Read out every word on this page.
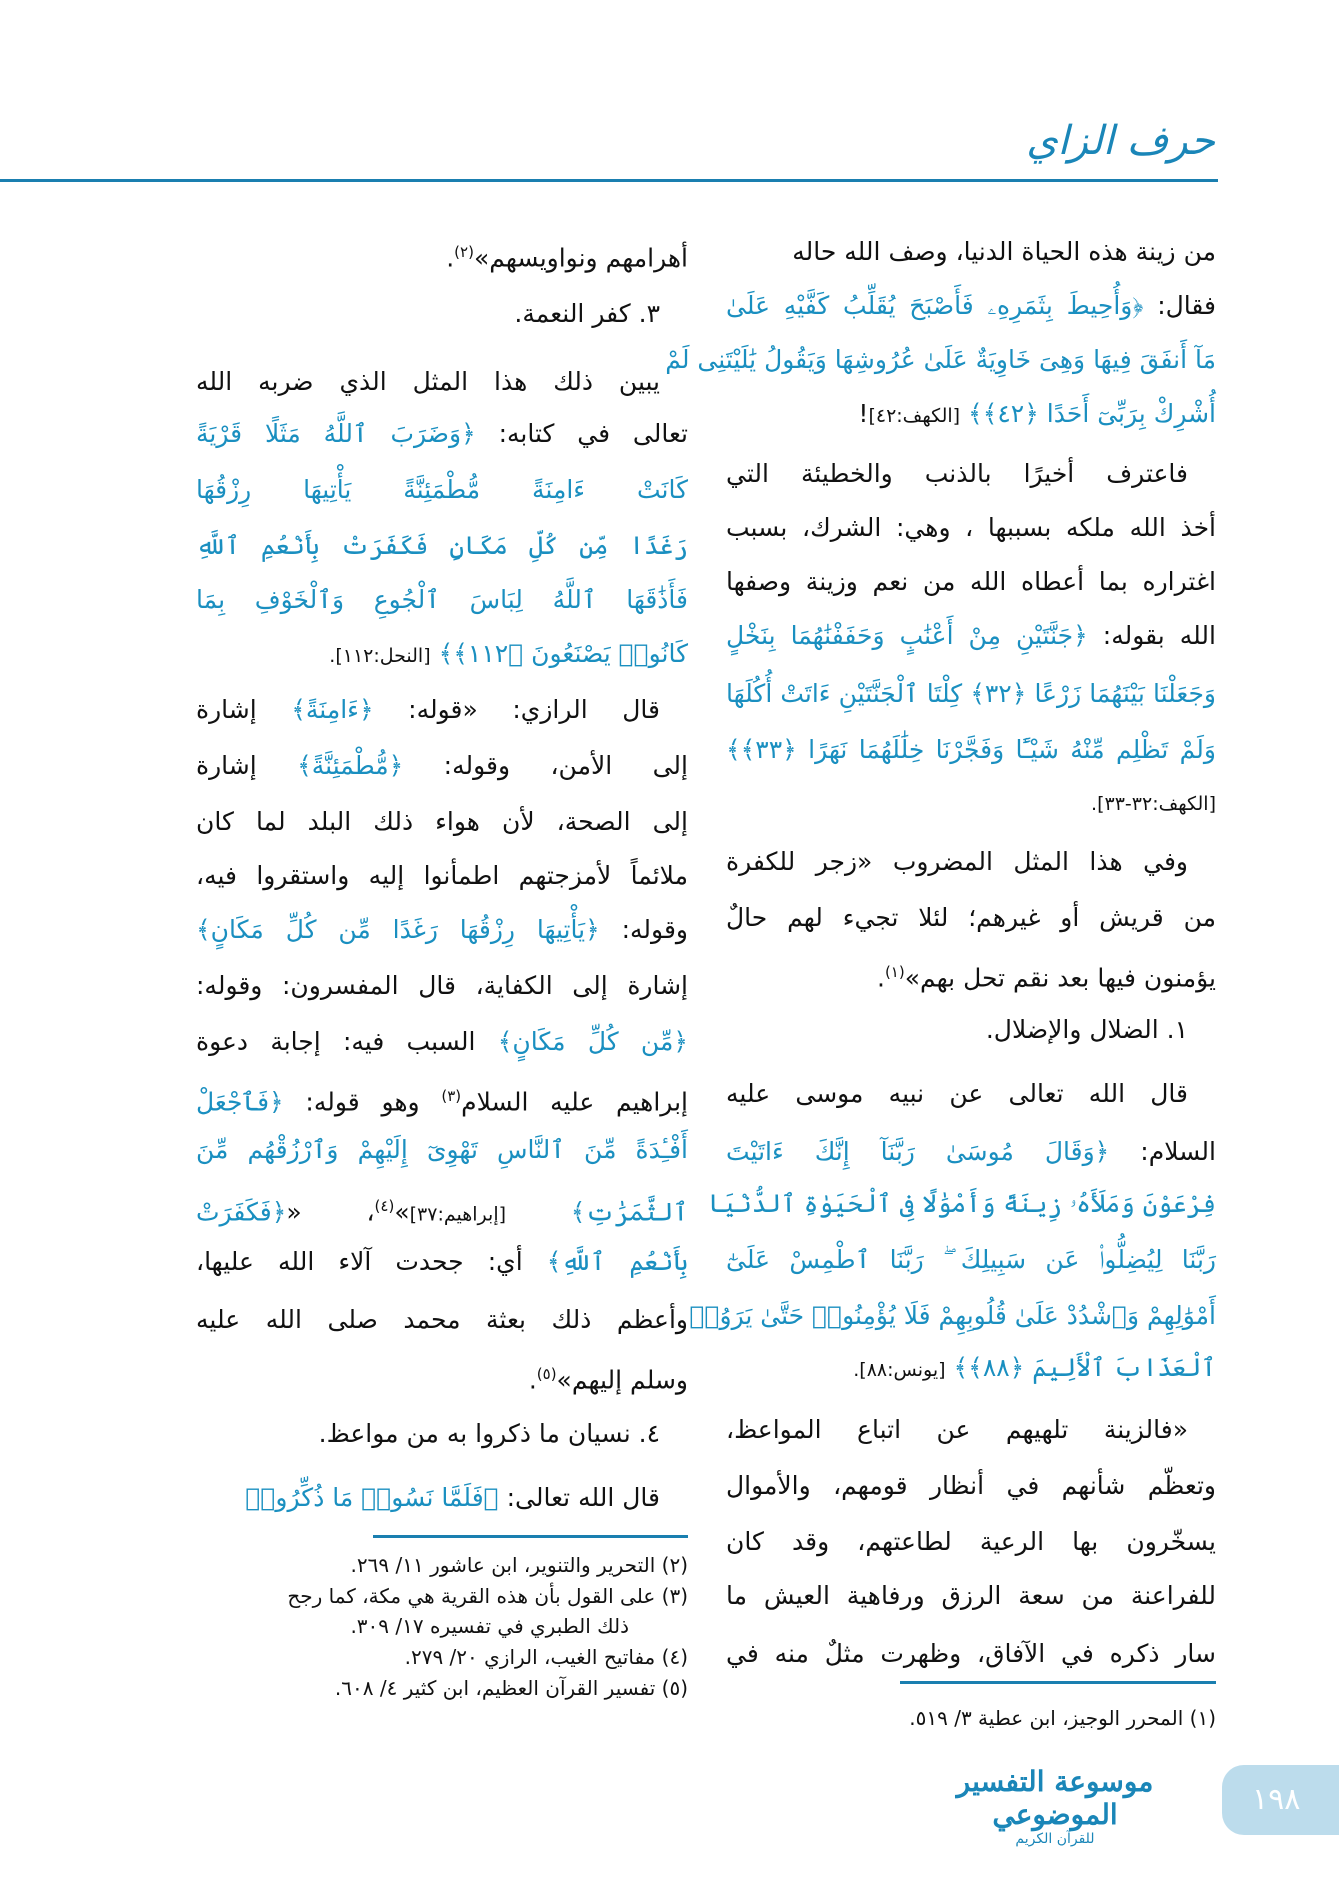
حرف الزاي
من زينة هذه الحياة الدنيا، وصف الله حاله
فقال: ﴿وَأُحِيطَ بِثَمَرِهِۦ فَأَصْبَحَ يُقَلِّبُ كَفَّيْهِ عَلَىٰ
مَآ أَنفَقَ فِيهَا وَهِىَ خَاوِيَةٌ عَلَىٰ عُرُوشِهَا وَيَقُولُ يَٰلَيْتَنِى لَمْ
أُشْرِكْ بِرَبِّىٓ أَحَدًا ﴿٤٢﴾﴾ [الكهف:٤٢]!
فاعترف أخيرًا بالذنب والخطيئة التي
أخذ الله ملكه بسببها ، وهي: الشرك، بسبب
اغتراره بما أعطاه الله من نعم وزينة وصفها
الله بقوله: ﴿جَنَّتَيْنِ مِنْ أَعْنَٰبٍ وَحَفَفْنَٰهُمَا بِنَخْلٍ
وَجَعَلْنَا بَيْنَهُمَا زَرْعًا ﴿٣٢﴾ كِلْتَا ٱلْجَنَّتَيْنِ ءَاتَتْ أُكُلَهَا
وَلَمْ تَظْلِم مِّنْهُ شَيْـًٔا وَفَجَّرْنَا خِلَٰلَهُمَا نَهَرًا ﴿٣٣﴾﴾
[الكهف:٣٢-٣٣].
وفي هذا المثل المضروب «زجر للكفرة
من قريش أو غيرهم؛ لئلا تجيء لهم حالٌ
يؤمنون فيها بعد نقم تحل بهم»$^{(١)}$.
١. الضلال والإضلال.
قال الله تعالى عن نبيه موسى عليه
السلام: ﴿وَقَالَ مُوسَىٰ رَبَّنَآ إِنَّكَ ءَاتَيْتَ
فِرْعَوْنَ وَمَلَأَهُۥ زِينَةً وَأَمْوَٰلًا فِى ٱلْحَيَوٰةِ ٱلدُّنْيَا
رَبَّنَا لِيُضِلُّوا۟ عَن سَبِيلِكَ ۖ رَبَّنَا ٱطْمِسْ عَلَىٰٓ
أَمْوَٰلِهِمْ وَٱشْدُدْ عَلَىٰ قُلُوبِهِمْ فَلَا يُؤْمِنُوا۟ حَتَّىٰ يَرَوُا۟
ٱلْعَذَابَ ٱلْأَلِيمَ ﴿٨٨﴾﴾ [يونس:٨٨].
«فالزينة تلهيهم عن اتباع المواعظ،
وتعظّم شأنهم في أنظار قومهم، والأموال
يسخّرون بها الرعية لطاعتهم، وقد كان
للفراعنة من سعة الرزق ورفاهية العيش ما
سار ذكره في الآفاق، وظهرت مثلٌ منه في
أهرامهم ونواويسهم»$^{(٢)}$.
٣. كفر النعمة.
يبين ذلك هذا المثل الذي ضربه الله
تعالى في كتابه: ﴿وَضَرَبَ ٱللَّهُ مَثَلًا قَرْيَةً
كَانَتْ ءَامِنَةً مُّطْمَئِنَّةً يَأْتِيهَا رِزْقُهَا
رَغَدًا مِّن كُلِّ مَكَانٍ فَكَفَرَتْ بِأَنْعُمِ ٱللَّهِ
فَأَذَٰقَهَا ٱللَّهُ لِبَاسَ ٱلْجُوعِ وَٱلْخَوْفِ بِمَا
كَانُوا۟ يَصْنَعُونَ ﴿١١٢﴾﴾ [النحل:١١٢].
قال الرازي: «قوله: ﴿ءَامِنَةً﴾ إشارة
إلى الأمن، وقوله: ﴿مُّطْمَئِنَّةً﴾ إشارة
إلى الصحة، لأن هواء ذلك البلد لما كان
ملائماً لأمزجتهم اطمأنوا إليه واستقروا فيه،
وقوله: ﴿يَأْتِيهَا رِزْقُهَا رَغَدًا مِّن كُلِّ مَكَانٍ﴾
إشارة إلى الكفاية، قال المفسرون: وقوله:
﴿مِّن كُلِّ مَكَانٍ﴾ السبب فيه: إجابة دعوة
إبراهيم عليه السلام$^{(٣)}$ وهو قوله: ﴿فَٱجْعَلْ
أَفْـِٔدَةً مِّنَ ٱلنَّاسِ تَهْوِىٓ إِلَيْهِمْ وَٱرْزُقْهُم مِّنَ
ٱلثَّمَرَٰتِ﴾ [إبراهيم:٣٧]»$^{(٤)}$، «﴿فَكَفَرَتْ
بِأَنْعُمِ ٱللَّهِ﴾ أي: جحدت آلاء الله عليها،
وأعظم ذلك بعثة محمد صلى الله عليه
وسلم إليهم»$^{(٥)}$.
٤. نسيان ما ذكروا به من مواعظ.
قال الله تعالى: ﴿فَلَمَّا نَسُوا۟ مَا ذُكِّرُوا۟
(١) المحرر الوجيز، ابن عطية ٣/ ٥١٩.
(٢) التحرير والتنوير، ابن عاشور ١١/ ٢٦٩.
(٣) على القول بأن هذه القرية هي مكة، كما رجح
ذلك الطبري في تفسيره ١٧/ ٣٠٩.
(٤) مفاتيح الغيب، الرازي ٢٠/ ٢٧٩.
(٥) تفسير القرآن العظيم، ابن كثير ٤/ ٦٠٨.
موسوعة التفسير الموضوعي
للقرآن الكريم
١٩٨
